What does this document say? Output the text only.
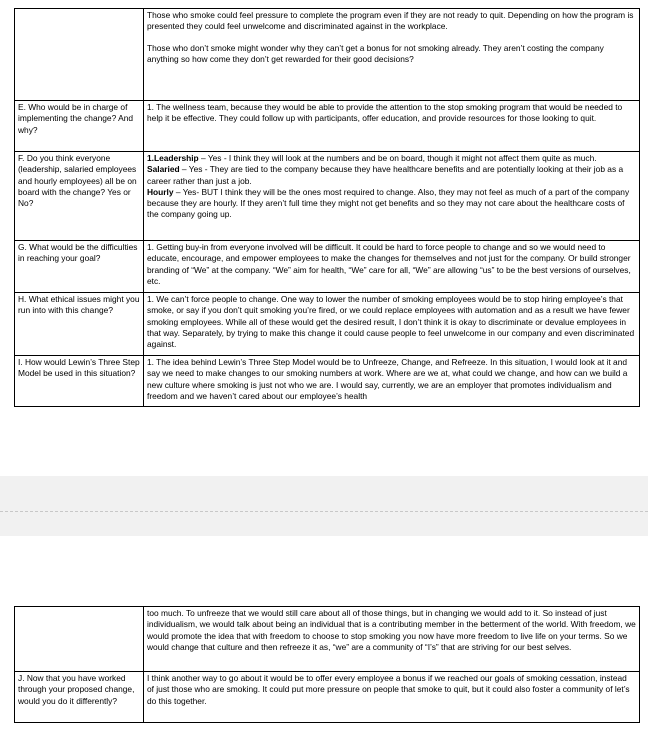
	Those who smoke could feel pressure to complete the program even if they are not ready to quit. Depending on how the program is presented they could feel unwelcome and discriminated against in the workplace.

Those who don’t smoke might wonder why they can’t get a bonus for not smoking already. They aren’t costing the company anything so how come they don’t get rewarded for their good decisions?

E. Who would be in charge of implementing the change? And why?	1. The wellness team, because they would be able to provide the attention to the stop smoking program that would be needed to help it be effective. They could follow up with participants, offer education, and provide resources for those looking to quit.
F. Do you think everyone (leadership, salaried employees and hourly employees) all be on board with the change? Yes or No?	1.Leadership – Yes - I think they will look at the numbers and be on board, though it might not affect them quite as much.
Salaried – Yes - They are tied to the company because they have healthcare benefits and are potentially looking at their job as a career rather than just a job.
Hourly – Yes- BUT I think they will be the ones most required to change. Also, they may not feel as much of a part of the company because they are hourly. If they aren’t full time they might not get benefits and so they may not care about the healthcare costs of the company going up.

G. What would be the difficulties in reaching your goal?	1. Getting buy-in from everyone involved will be difficult. It could be hard to force people to change and so we would need to educate, encourage, and empower employees to make the changes for themselves and not just for the company. Or build stronger branding of “We” at the company. “We” aim for health, “We” care for all, “We” are allowing “us” to be the best versions of ourselves, etc.
H. What ethical issues might you run into with this change?	1. We can’t force people to change. One way to lower the number of smoking employees would be to stop hiring employee’s that smoke, or say if you don’t quit smoking you’re fired, or we could replace employees with automation and as a result we have fewer smoking employees. While all of these would get the desired result, I don’t think it is okay to discriminate or devalue employees in that way. Separately, by trying to make this change it could cause people to feel unwelcome in our company and even discriminated against.
I. How would Lewin’s Three Step Model be used in this situation?	1. The idea behind Lewin’s Three Step Model would be to Unfreeze, Change, and Refreeze. In this situation, I would look at it and say we need to make changes to our smoking numbers at work. Where are we at, what could we change, and how can we build a new culture where smoking is just not who we are. I would say, currently, we are an employer that promotes individualism and freedom and we haven’t cared about our employee’s health
	too much. To unfreeze that we would still care about all of those things, but in changing we would add to it. So instead of just individualism, we would talk about being an individual that is a contributing member in the betterment of the world. With freedom, we would promote the idea that with freedom to choose to stop smoking you now have more freedom to live life on your terms. So we would change that culture and then refreeze it as, “we” are a community of “I’s” that are striving for our best selves.
J. Now that you have worked through your proposed change, would you do it differently?	I think another way to go about it would be to offer every employee a bonus if we reached our goals of smoking cessation, instead of just those who are smoking. It could put more pressure on people that smoke to quit, but it could also foster a community of let’s do this together.
